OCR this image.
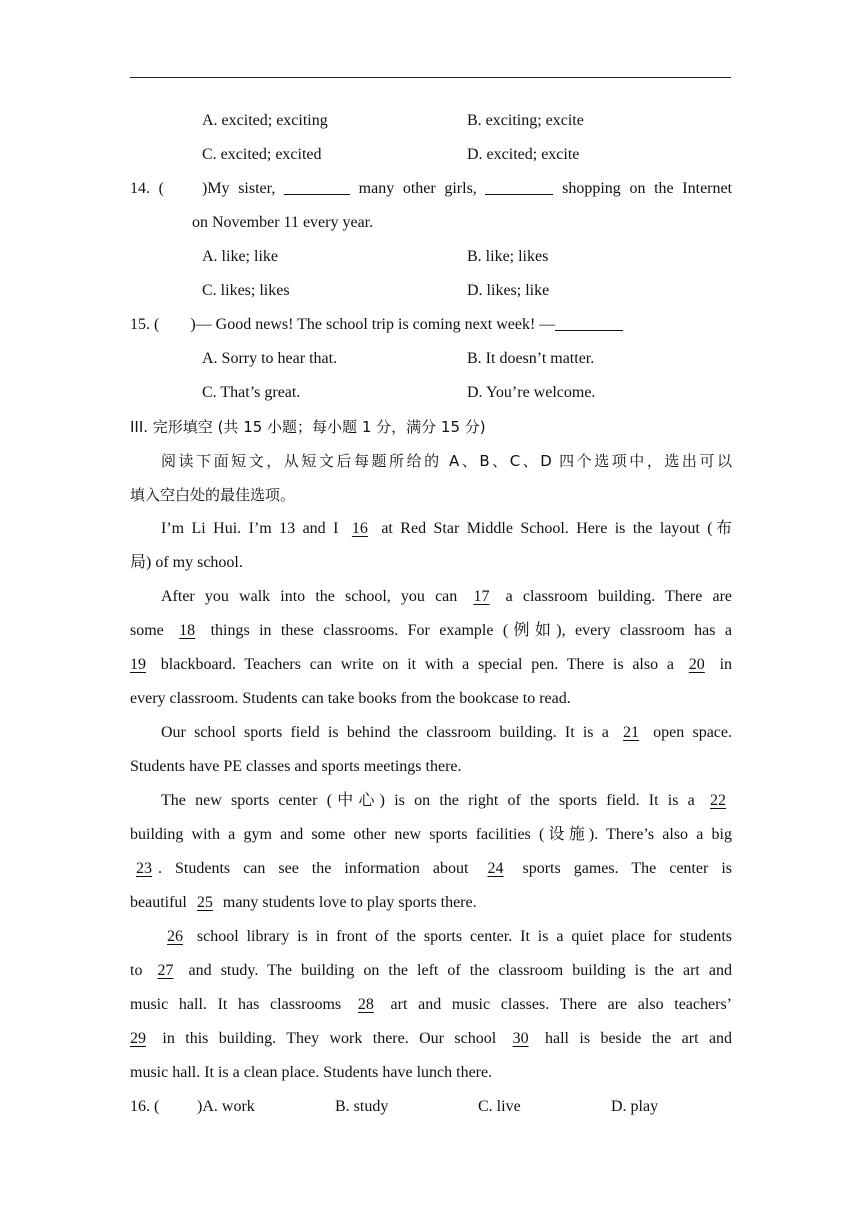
A. excited; exciting	B. exciting; excite
C. excited; excited	D. excited; excite
14. ( )My sister,	many other girls,	shopping on the Internet
on November 11 every year.
A. like; like	B. like; likes
C. likes; likes	D. likes; like
15. ( )— Good news! The school trip is coming next week! —
A. Sorry to hear that.	B. It doesn’t matter.
C. That’s great.	D. You’re welcome.
III. 完形填空 (共 15 小题；每小题 1 分，满分 15 分)
阅读下面短文，从短文后每题所给的 A、B、C、D 四个选项中，选出可以
填入空白处的最佳选项。
I’m Li Hui. I’m 13 and I 16 at Red Star Middle School. Here is the layout (布
局) of my school.
After you walk into the school, you can 17 a classroom building. There are
some 18 things in these classrooms. For example (例如), every classroom has a
19 blackboard. Teachers can write on it with a special pen. There is also a 20 in
every classroom. Students can take books from the bookcase to read.
Our school sports field is behind the classroom building. It is a 21 open space.
Students have PE classes and sports meetings there.
The new sports center (中心) is on the right of the sports field. It is a 22
building with a gym and some other new sports facilities (设施). There’s also a big
23 . Students can see the information about 24 sports games. The center is
beautiful 25 many students love to play sports there.
26 school library is in front of the sports center. It is a quiet place for students
to 27 and study. The building on the left of the classroom building is the art and
music hall. It has classrooms 28 art and music classes. There are also teachers’
29 in this building. They work there. Our school 30 hall is beside the art and
music hall. It is a clean place. Students have lunch there.
16. (	)A. work	B. study	C. live	D. play
